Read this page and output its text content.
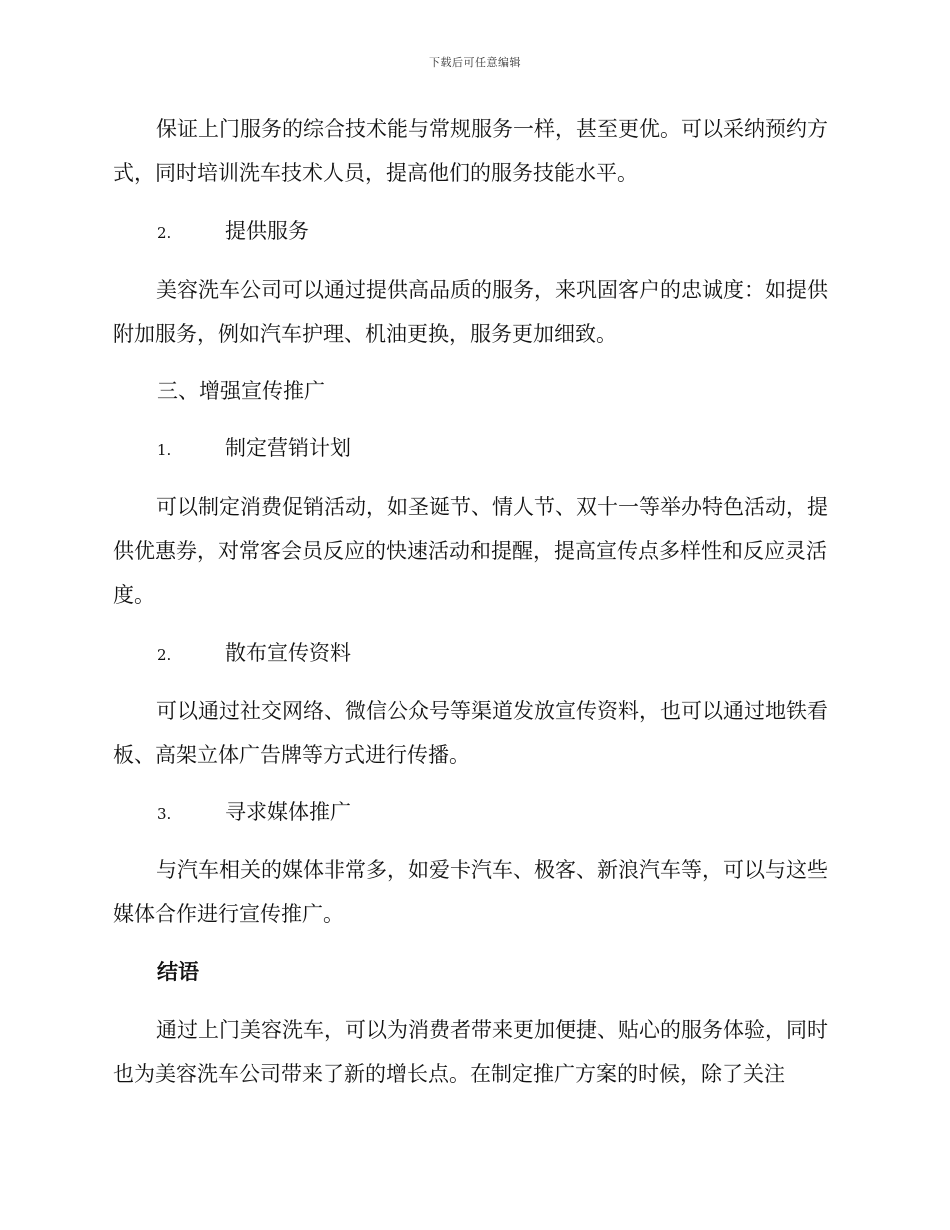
下载后可任意编辑
保证上门服务的综合技术能与常规服务一样，甚至更优。可以采纳预约方式，同时培训洗车技术人员，提高他们的服务技能水平。
2.	提供服务
美容洗车公司可以通过提供高品质的服务，来巩固客户的忠诚度：如提供附加服务，例如汽车护理、机油更换，服务更加细致。
三、增强宣传推广
1.	制定营销计划
可以制定消费促销活动，如圣诞节、情人节、双十一等举办特色活动，提供优惠券，对常客会员反应的快速活动和提醒，提高宣传点多样性和反应灵活度。
2.	散布宣传资料
可以通过社交网络、微信公众号等渠道发放宣传资料，也可以通过地铁看板、高架立体广告牌等方式进行传播。
3.	寻求媒体推广
与汽车相关的媒体非常多，如爱卡汽车、极客、新浪汽车等，可以与这些媒体合作进行宣传推广。
结语
通过上门美容洗车，可以为消费者带来更加便捷、贴心的服务体验，同时也为美容洗车公司带来了新的增长点。在制定推广方案的时候，除了关注
